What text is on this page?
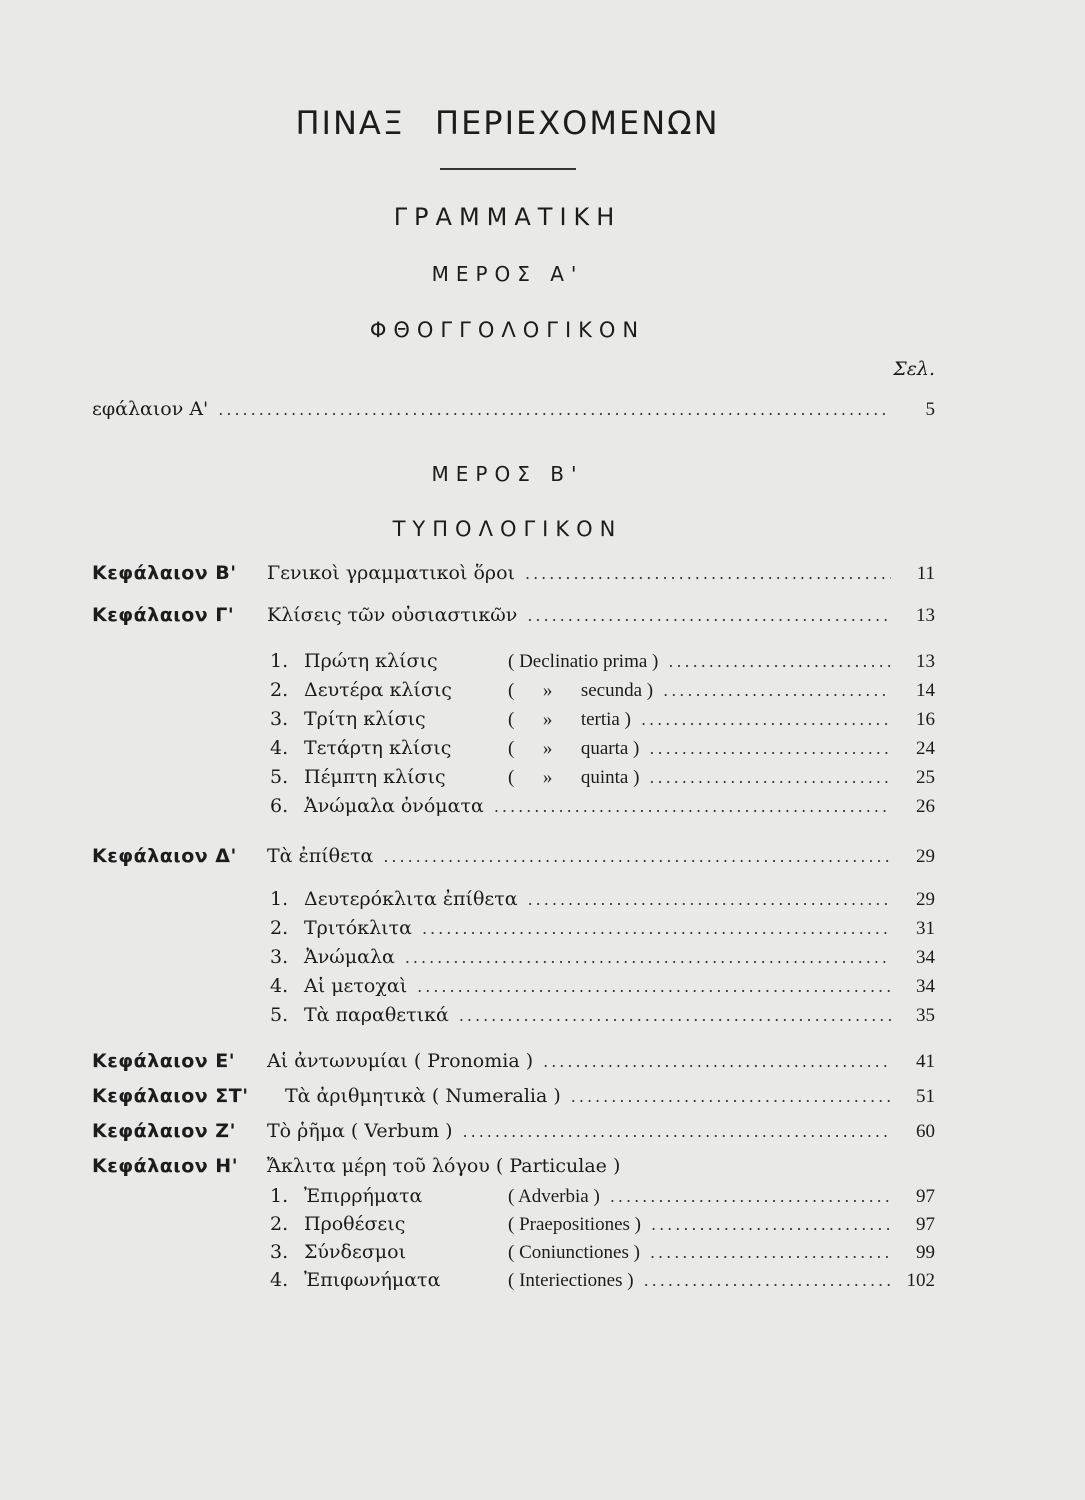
ΠΙΝΑΞ ΠΕΡΙΕΧΟΜΕΝΩΝ
ΓΡΑΜΜΑΤΙΚΗ
ΜΕΡΟΣ Α'
ΦΘΟΓΓΟΛΟΓΙΚΟΝ
Σελ.
εφάλαιον Α' .....	5
ΜΕΡΟΣ Β'
ΤΥΠΟΛΟΓΙΚΟΝ
Κεφάλαιον Β'	Γενικοὶ γραμματικοὶ ὅροι .....	11
Κεφάλαιον Γ'	Κλίσεις τῶν οὐσιαστικῶν .....	13
1. Πρώτη κλίσις	( Declinatio prima ) .....	13
2. Δευτέρα κλίσις	(      »      secunda ) .....	14
3. Τρίτη κλίσις	(      »      tertia ) .....	16
4. Τετάρτη κλίσις	(      »      quarta ) .....	24
5. Πέμπτη κλίσις	(      »      quinta ) .....	25
6. Ἀνώμαλα ὀνόματα .....	26
Κεφάλαιον Δ'	Τὰ ἐπίθετα .....	29
1. Δευτερόκλιτα ἐπίθετα .....	29
2. Τριτόκλιτα .....	31
3. Ἀνώμαλα .....	34
4. Αἱ μετοχαὶ .....	34
5. Τὰ παραθετικά .....	35
Κεφάλαιον Ε'	Αἱ ἀντωνυμίαι ( Pronomia ) .....	41
Κεφάλαιον ΣΤ'	Τὰ ἀριθμητικὰ ( Numeralia ) .....	51
Κεφάλαιον Ζ'	Τὸ ῥῆμα ( Verbum ) .....	60
Κεφάλαιον Η'	Ἄκλιτα μέρη τοῦ λόγου ( Particulae )
1. Ἐπιρρήματα	( Adverbia ) .....	97
2. Προθέσεις	( Praepositiones ) .....	97
3. Σύνδεσμοι	( Coniunctiones ) .....	99
4. Ἐπιφωνήματα	( Interiectiones ) .....	102
